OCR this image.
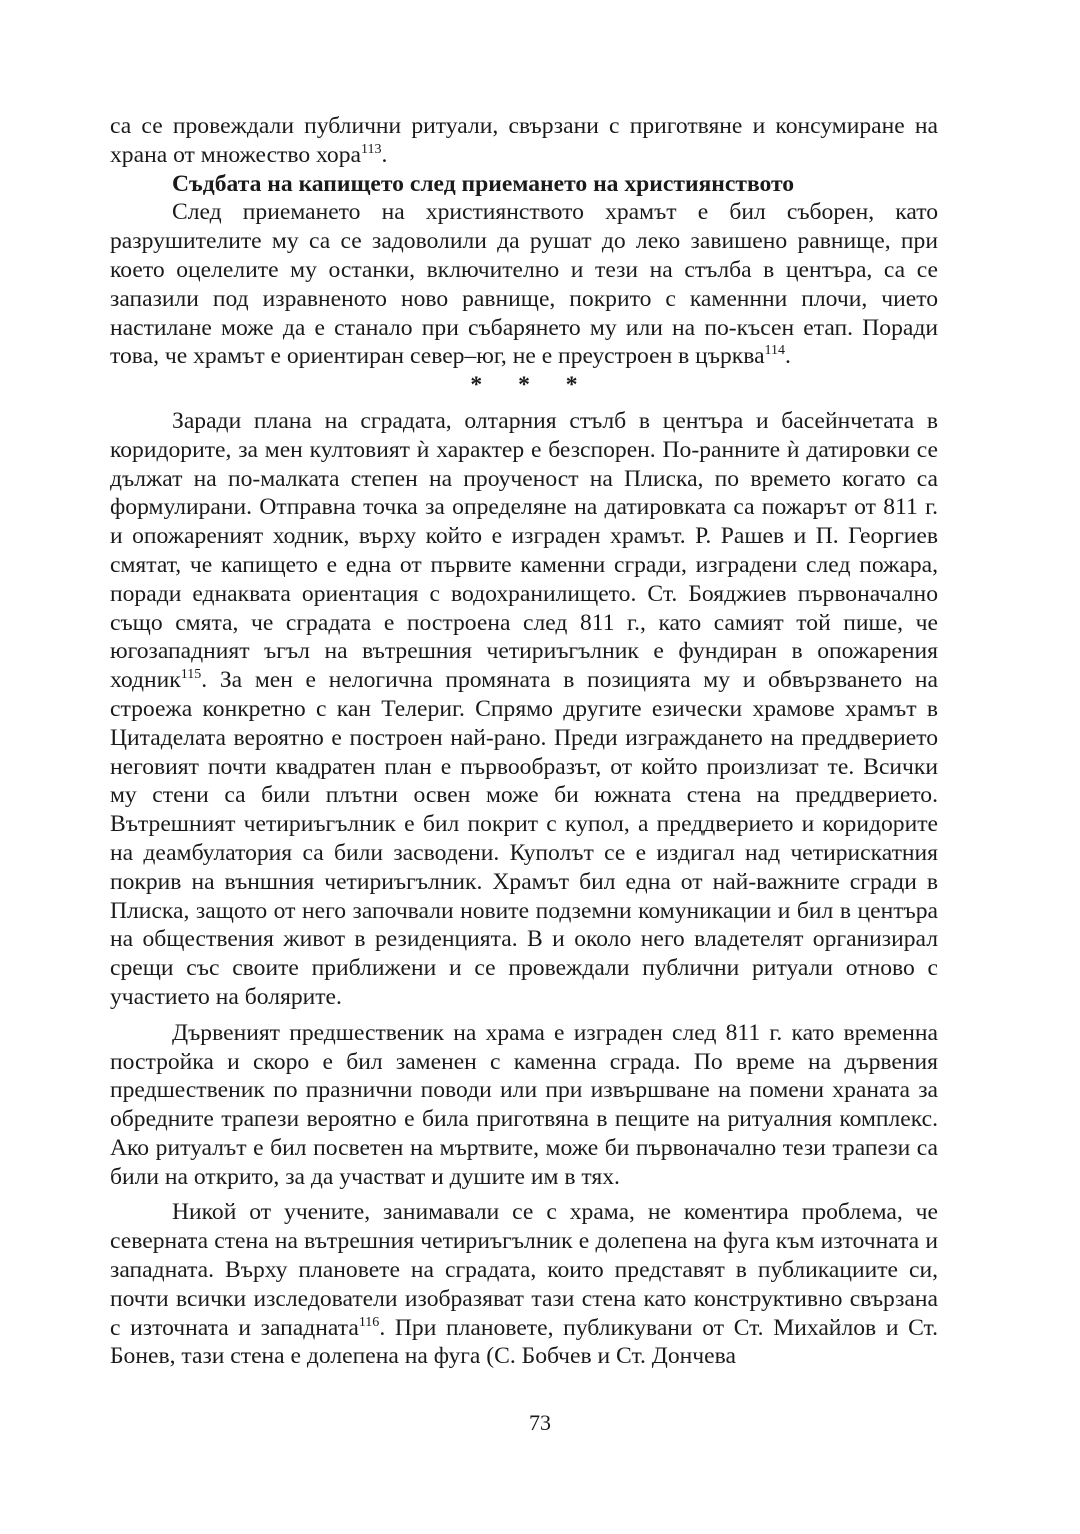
са се провеждали публични ритуали, свързани с приготвяне и консумиране на храна от множество хора$^{113}$.

Съдбата на капището след приемането на християнството

След приемането на християнството храмът е бил съборен, като разрушителите му са се задоволили да рушат до леко завишено равнище, при което оцелелите му останки, включително и тези на стълба в центъра, са се запазили под изравненото ново равнище, покрито с каменнни плочи, чието настилане може да е станало при събарянето му или на по-късен етап. Поради това, че храмът е ориентиран север–юг, не е преустроен в църква$^{114}$.

* * *

Заради плана на сградата, олтарния стълб в центъра и басейнчетата в коридорите, за мен култовият ѝ характер е безспорен. По-ранните ѝ датировки се дължат на по-малката степен на проученост на Плиска, по времето когато са формулирани. Отправна точка за определяне на датировката са пожарът от 811 г. и опожареният ходник, върху който е изграден храмът. Р. Рашев и П. Георгиев смятат, че капището е една от първите каменни сгради, изградени след пожара, поради еднаквата ориентация с водохранилището. Ст. Бояджиев първоначално също смята, че сградата е построена след 811 г., като самият той пише, че югозападният ъгъл на вътрешния четириъгълник е фундиран в опожарения ходник$^{115}$. За мен е нелогична промяната в позицията му и обвързването на строежа конкретно с кан Телериг. Спрямо другите езически храмове храмът в Цитаделата вероятно е построен най-рано. Преди изграждането на преддверието неговият почти квадратен план е първообразът, от който произлизат те. Всички му стени са били плътни освен може би южната стена на преддверието. Вътрешният четириъгълник е бил покрит с купол, а преддверието и коридорите на деамбулатория са били засводени. Куполът се е издигал над четирискатния покрив на външния четириъгълник. Храмът бил една от най-важните сгради в Плиска, защото от него започвали новите подземни комуникации и бил в центъра на обществения живот в резиденцията. В и около него владетелят организирал срещи със своите приближени и се провеждали публични ритуали отново с участието на болярите.

Дървеният предшественик на храма е изграден след 811 г. като временна постройка и скоро е бил заменен с каменна сграда. По време на дървения предшественик по празнични поводи или при извършване на помени храната за обредните трапези вероятно е била приготвяна в пещите на ритуалния комплекс. Ако ритуалът е бил посветен на мъртвите, може би първоначално тези трапези са били на открито, за да участват и душите им в тях.

Никой от учените, занимавали се с храма, не коментира проблема, че северната стена на вътрешния четириъгълник е долепена на фуга към източната и западната. Върху плановете на сградата, които представят в публикациите си, почти всички изследователи изобразяват тази стена като конструктивно свързана с източната и западната$^{116}$. При плановете, публикувани от Ст. Михайлов и Ст. Бонев, тази стена е долепена на фуга (С. Бобчев и Ст. Дончева

73
